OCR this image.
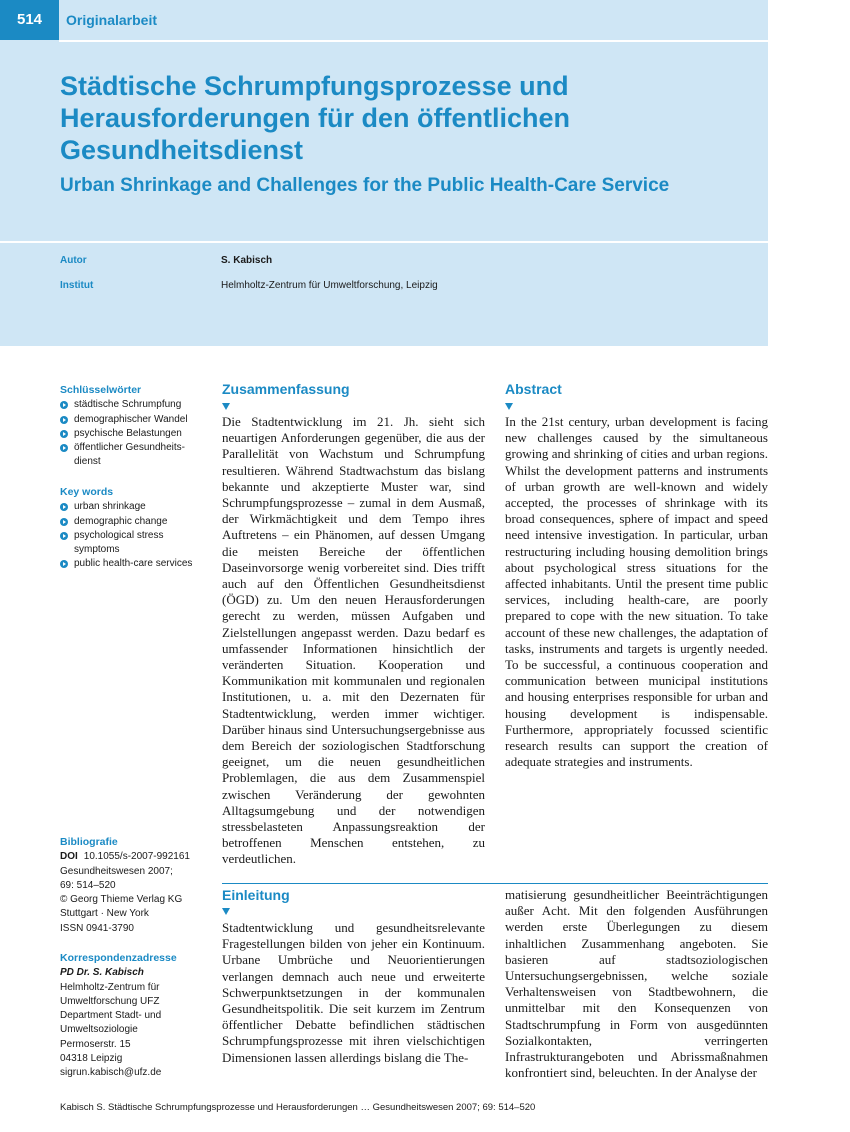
514	Originalarbeit
Städtische Schrumpfungsprozesse und Herausforderungen für den öffentlichen Gesundheitsdienst
Urban Shrinkage and Challenges for the Public Health-Care Service
Autor	S. Kabisch
Institut	Helmholtz-Zentrum für Umweltforschung, Leipzig
Schlüsselwörter
städtische Schrumpfung
demographischer Wandel
psychische Belastungen
öffentlicher Gesundheits-dienst
Key words
urban shrinkage
demographic change
psychological stress symptoms
public health-care services
Bibliografie
DOI 10.1055/s-2007-992161
Gesundheitswesen 2007;
69: 514–520
© Georg Thieme Verlag KG
Stuttgart · New York
ISSN 0941-3790
Korrespondenzadresse
PD Dr. S. Kabisch
Helmholtz-Zentrum für
Umweltforschung UFZ
Department Stadt- und
Umweltsoziologie
Permoserstr. 15
04318 Leipzig
sigrun.kabisch@ufz.de
Zusammenfassung

Die Stadtentwicklung im 21. Jh. sieht sich neuartigen Anforderungen gegenüber, die aus der Parallelität von Wachstum und Schrumpfung resultieren. Während Stadtwachstum das bislang bekannte und akzeptierte Muster war, sind Schrumpfungsprozesse – zumal in dem Ausmaß, der Wirkmächtigkeit und dem Tempo ihres Auftretens – ein Phänomen, auf dessen Umgang die meisten Bereiche der öffentlichen Daseinvorsorge wenig vorbereitet sind. Dies trifft auch auf den Öffentlichen Gesundheitsdienst (ÖGD) zu. Um den neuen Herausforderungen gerecht zu werden, müssen Aufgaben und Zielstellungen angepasst werden. Dazu bedarf es umfassender Informationen hinsichtlich der veränderten Situation. Kooperation und Kommunikation mit kommunalen und regionalen Institutionen, u. a. mit den Dezernaten für Stadtentwicklung, werden immer wichtiger. Darüber hinaus sind Untersuchungsergebnisse aus dem Bereich der soziologischen Stadtforschung geeignet, um die neuen gesundheitlichen Problemlagen, die aus dem Zusammenspiel zwischen Veränderung der gewohnten Alltagsumgebung und der notwendigen stressbelasteten Anpassungsreaktion der betroffenen Menschen entstehen, zu verdeutlichen.

Abstract

In the 21st century, urban development is facing new challenges caused by the simultaneous growing and shrinking of cities and urban regions. Whilst the development patterns and instruments of urban growth are well-known and widely accepted, the processes of shrinkage with its broad consequences, sphere of impact and speed need intensive investigation. In particular, urban restructuring including housing demolition brings about psychological stress situations for the affected inhabitants. Until the present time public services, including health-care, are poorly prepared to cope with the new situation. To take account of these new challenges, the adaptation of tasks, instruments and targets is urgently needed. To be successful, a continuous cooperation and communication between municipal institutions and housing enterprises responsible for urban and housing development is indispensable. Furthermore, appropriately focussed scientific research results can support the creation of adequate strategies and instruments.

Einleitung

Stadtentwicklung und gesundheitsrelevante Fragestellungen bilden von jeher ein Kontinuum. Urbane Umbrüche und Neuorientierungen verlangen demnach auch neue und erweiterte Schwerpunktsetzungen in der kommunalen Gesundheitspolitik. Die seit kurzem im Zentrum öffentlicher Debatte befindlichen städtischen Schrumpfungsprozesse mit ihren vielschichtigen Dimensionen lassen allerdings bislang die The-

matisierung gesundheitlicher Beeinträchtigungen außer Acht. Mit den folgenden Ausführungen werden erste Überlegungen zu diesem inhaltlichen Zusammenhang angeboten. Sie basieren auf stadtsoziologischen Untersuchungsergebnissen, welche soziale Verhaltensweisen von Stadtbewohnern, die unmittelbar mit den Konsequenzen von Stadtschrumpfung in Form von ausgedünnten Sozialkontakten, verringerten Infrastrukturangeboten und Abrissmaßnahmen konfrontiert sind, beleuchten. In der Analyse der

Kabisch S. Städtische Schrumpfungsprozesse und Herausforderungen … Gesundheitswesen 2007; 69: 514–520
